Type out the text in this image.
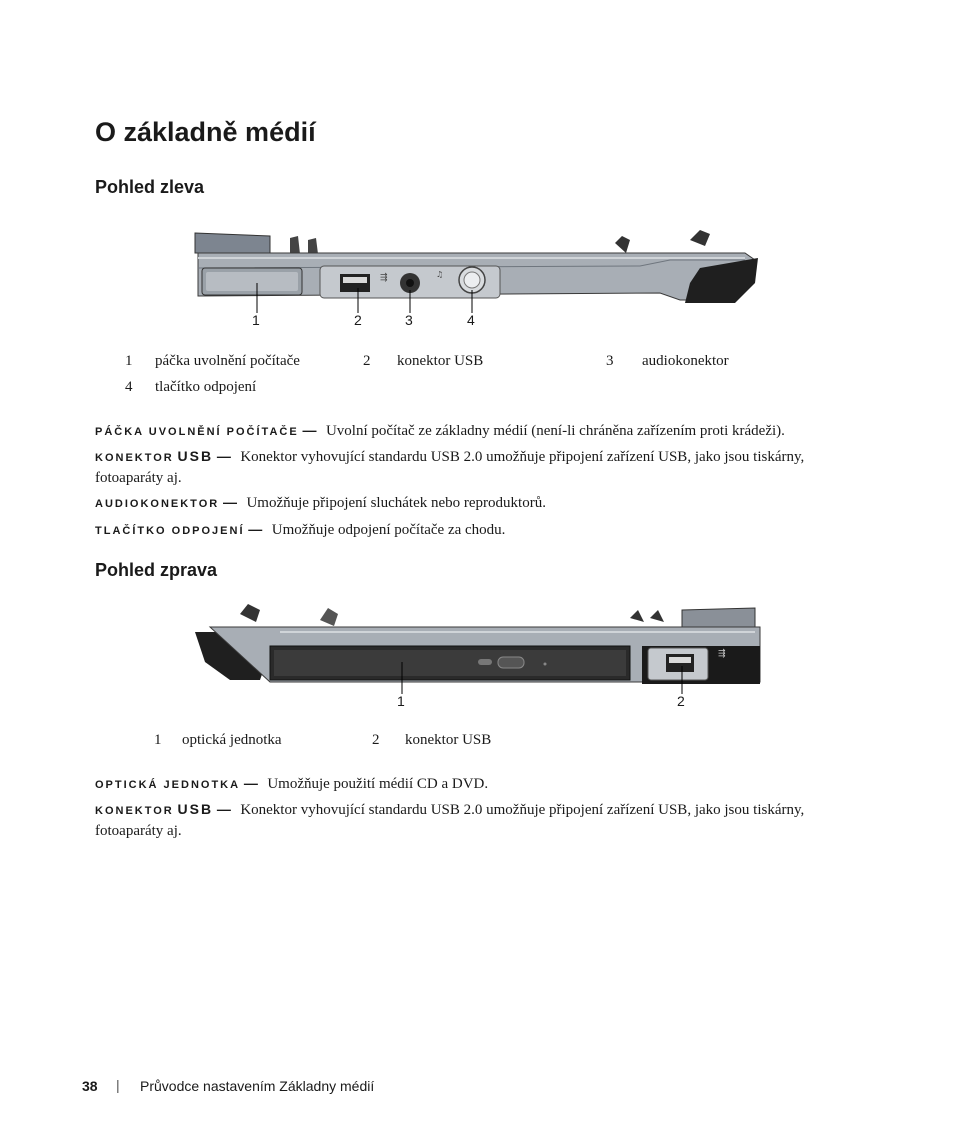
O základně médií
Pohled zleva
⇶	♫
1	2	3	4
1 páčka uvolnění počítače	2 konektor USB	3 audiokonektor
4 tlačítko odpojení

PÁČKA UVOLNĚNÍ POČÍTAČE — Uvolní počítač ze základny médií (není-li chráněna zařízením proti krádeži).

KONEKTOR USB — Konektor vyhovující standardu USB 2.0 umožňuje připojení zařízení USB, jako jsou tiskárny, fotoaparáty aj.

AUDIOKONEKTOR — Umožňuje připojení sluchátek nebo reproduktorů.

TLAČÍTKO ODPOJENÍ — Umožňuje odpojení počítače za chodu.

Pohled zprava
⇶
1	2
1 optická jednotka	2 konektor USB

OPTICKÁ JEDNOTKA — Umožňuje použití médií CD a DVD.

KONEKTOR USB — Konektor vyhovující standardu USB 2.0 umožňuje připojení zařízení USB, jako jsou tiskárny, fotoaparáty aj.

38 | Průvodce nastavením Základny médií
